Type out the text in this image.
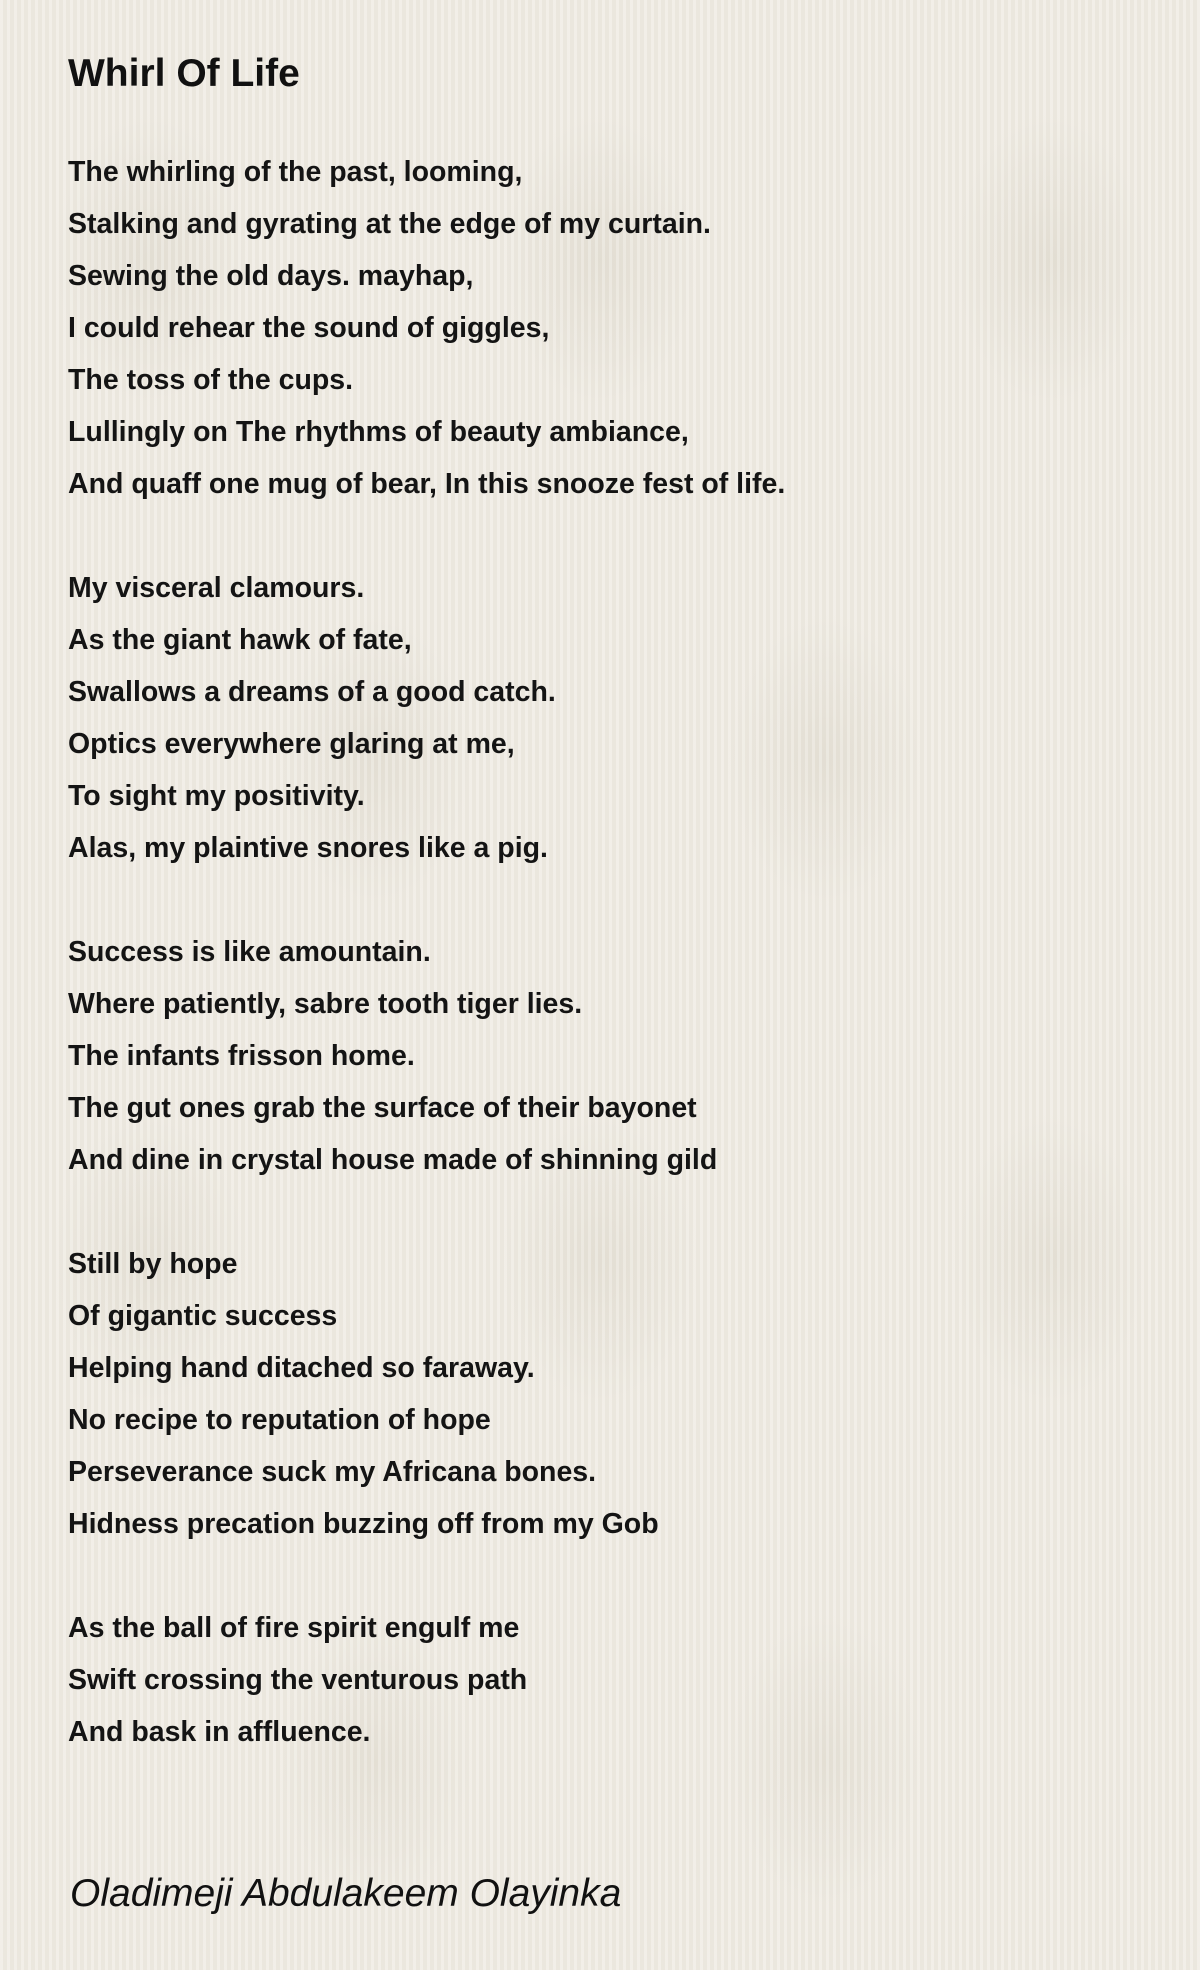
Whirl Of Life
The whirling of the past, looming,
Stalking and gyrating at the edge of my curtain.
Sewing the old days. mayhap,
I could rehear the sound of giggles,
The toss of the cups.
Lullingly on The rhythms of beauty ambiance,
And quaff one mug of bear, In this snooze fest of life.
My visceral clamours.
As the giant hawk of fate,
Swallows a dreams of a good catch.
Optics everywhere glaring at me,
To sight my positivity.
Alas, my plaintive snores like a pig.
Success is like amountain.
Where patiently, sabre tooth tiger lies.
The infants frisson home.
The gut ones grab the surface of their bayonet
And dine in crystal house made of shinning gild
Still by hope
Of gigantic success
Helping hand ditached so faraway.
No recipe to reputation of hope
Perseverance suck my Africana bones.
Hidness precation buzzing off from my Gob
As the ball of fire spirit engulf me
Swift crossing the venturous path
And bask in affluence.

Oladimeji Abdulakeem Olayinka
